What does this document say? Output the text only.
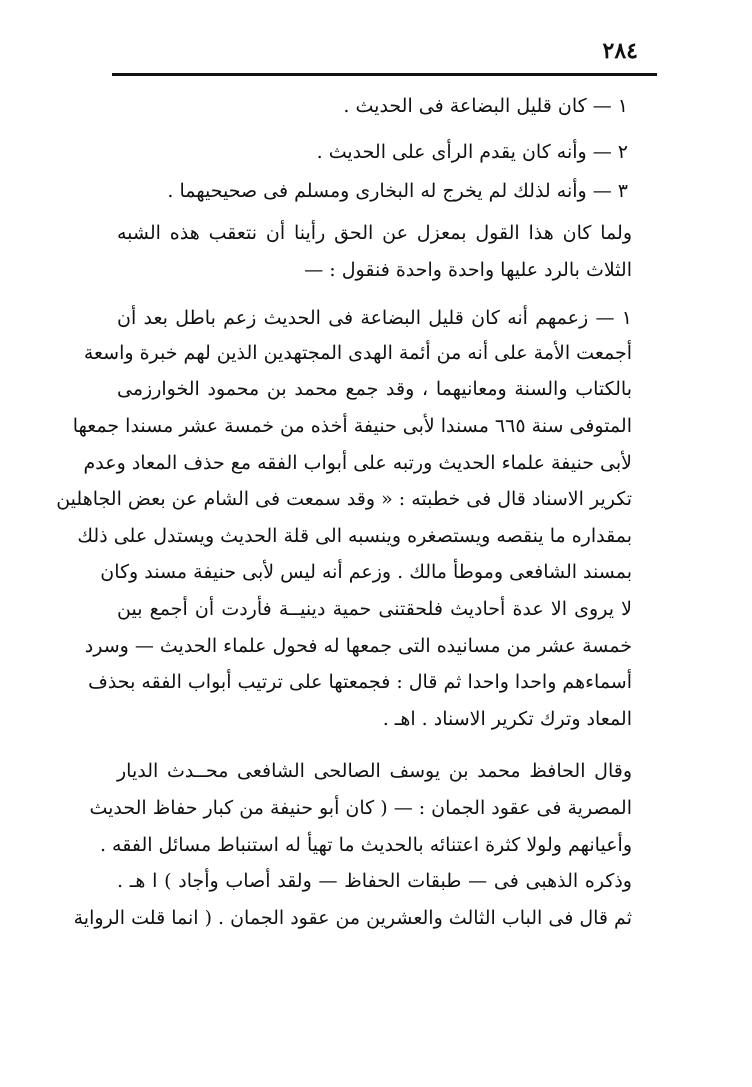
٢٨٤
١ — كان قليل البضاعة فى الحديث .
٢ — وأنه كان يقدم الرأى على الحديث .
٣ — وأنه لذلك لم يخرج له البخارى ومسلم فى صحيحيهما .
ولما كان هذا القول بمعزل عن الحق رأينا أن نتعقب هذه الشبه
الثلاث بالرد عليها واحدة واحدة فنقول : —
١ — زعمهم أنه كان قليل البضاعة فى الحديث زعم باطل بعد أن
أجمعت الأمة على أنه من أئمة الهدى المجتهدين الذين لهم خبرة واسعة
بالكتاب والسنة ومعانيهما ، وقد جمع محمد بن محمود الخوارزمى
المتوفى سنة ٦٦٥ مسندا لأبى حنيفة أخذه من خمسة عشر مسندا جمعها
لأبى حنيفة علماء الحديث ورتبه على أبواب الفقه مع حذف المعاد وعدم
تكرير الاسناد قال فى خطبته : « وقد سمعت فى الشام عن بعض الجاهلين
بمقداره ما ينقصه ويستصغره وينسبه الى قلة الحديث ويستدل على ذلك
بمسند الشافعى وموطأ مالك . وزعم أنه ليس لأبى حنيفة مسند وكان
لا يروى الا عدة أحاديث فلحقتنى حمية دينيــة فأردت أن أجمع بين
خمسة عشر من مسانيده التى جمعها له فحول علماء الحديث — وسرد
أسماءهم واحدا واحدا ثم قال : فجمعتها على ترتيب أبواب الفقه بحذف
المعاد وترك تكرير الاسناد . اهـ .
وقال الحافظ محمد بن يوسف الصالحى الشافعى محــدث الديار
المصرية فى عقود الجمان : — ( كان أبو حنيفة من كبار حفاظ الحديث
وأعيانهم ولولا كثرة اعتنائه بالحديث ما تهيأ له استنباط مسائل الفقه .
وذكره الذهبى فى — طبقات الحفاظ — ولقد أصاب وأجاد ) ا هـ .
ثم قال فى الباب الثالث والعشرين من عقود الجمان . ( انما قلت الرواية
